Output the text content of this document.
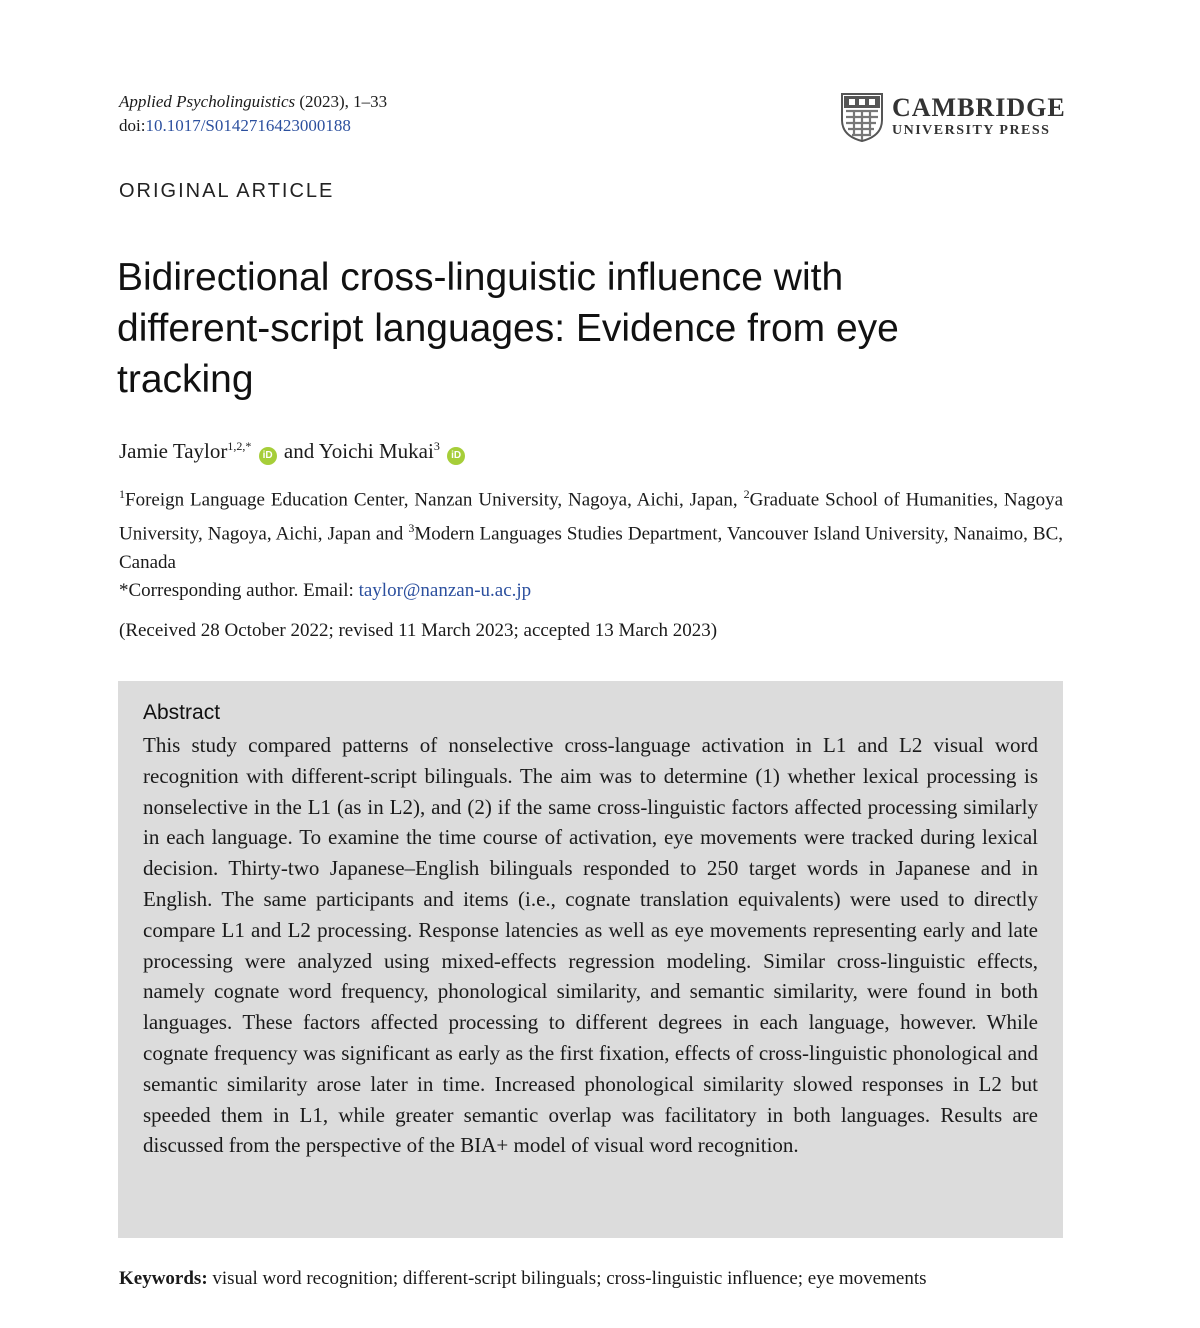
Applied Psycholinguistics (2023), 1–33
doi:10.1017/S0142716423000188
CAMBRIDGE
UNIVERSITY PRESS
ORIGINAL ARTICLE
Bidirectional cross-linguistic influence with different-script languages: Evidence from eye tracking
Jamie Taylor$^{1,2,*}$ iD and Yoichi Mukai$^3$ iD
$^1$Foreign Language Education Center, Nanzan University, Nagoya, Aichi, Japan, $^2$Graduate School of Humanities, Nagoya University, Nagoya, Aichi, Japan and $^3$Modern Languages Studies Department, Vancouver Island University, Nanaimo, BC, Canada
*Corresponding author. Email: taylor@nanzan-u.ac.jp
(Received 28 October 2022; revised 11 March 2023; accepted 13 March 2023)
Abstract
This study compared patterns of nonselective cross-language activation in L1 and L2 visual word recognition with different-script bilinguals. The aim was to determine (1) whether lexical processing is nonselective in the L1 (as in L2), and (2) if the same cross-linguistic factors affected processing similarly in each language. To examine the time course of activation, eye movements were tracked during lexical decision. Thirty-two Japanese–English bilinguals responded to 250 target words in Japanese and in English. The same participants and items (i.e., cognate translation equivalents) were used to directly compare L1 and L2 processing. Response latencies as well as eye movements representing early and late processing were analyzed using mixed-effects regression modeling. Similar cross-linguistic effects, namely cognate word frequency, phonological similarity, and semantic similarity, were found in both languages. These factors affected processing to different degrees in each language, however. While cognate frequency was significant as early as the first fixation, effects of cross-linguistic phonological and semantic similarity arose later in time. Increased phonological similarity slowed responses in L2 but speeded them in L1, while greater semantic overlap was facilitatory in both languages. Results are discussed from the perspective of the BIA+ model of visual word recognition.
Keywords: visual word recognition; different-script bilinguals; cross-linguistic influence; eye movements
